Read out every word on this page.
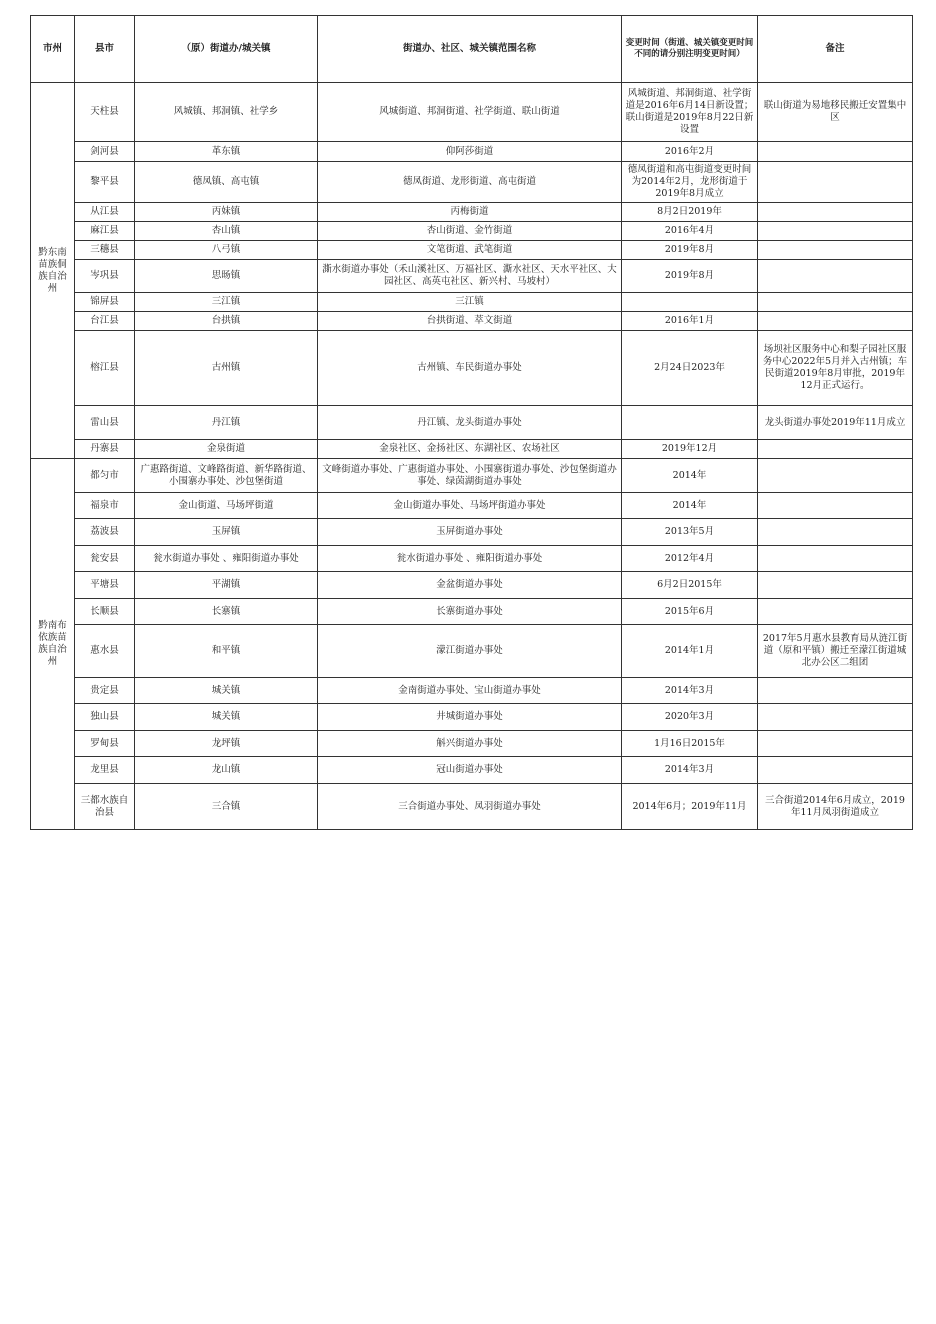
市州	县市	（原）街道办/城关镇	街道办、社区、城关镇范围名称	变更时间（街道、城关镇变更时间不同的请分别注明变更时间）	备注
黔东南苗族侗族自治州	天柱县	风城镇、邦洞镇、社学乡	风城街道、邦洞街道、社学街道、联山街道	风城街道、邦洞街道、社学街道是2016年6月14日新设置；联山街道是2019年8月22日新设置	联山街道为易地移民搬迁安置集中区
	剑河县	革东镇	仰阿莎街道	2016年2月	
	黎平县	德凤镇、高屯镇	德凤街道、龙形街道、高屯街道	德凤街道和高屯街道变更时间为2014年2月，龙形街道于2019年8月成立	
	从江县	丙妹镇	丙梅街道	8月2日2019年	
	麻江县	杏山镇	杏山街道、金竹街道	2016年4月	
	三穗县	八弓镇	文笔街道、武笔街道	2019年8月	
	岑巩县	思旸镇	澌水街道办事处（禾山溪社区、万福社区、澌水社区、天水平社区、大园社区、高英屯社区、新兴村、马坡村）	2019年8月	
	锦屏县	三江镇	三江镇		
	台江县	台拱镇	台拱街道、萃文街道	2016年1月	
	榕江县	古州镇	古州镇、车民街道办事处	2月24日2023年	场坝社区服务中心和梨子园社区服务中心2022年5月并入古州镇；车民街道2019年8月审批，2019年12月正式运行。
	雷山县	丹江镇	丹江镇、龙头街道办事处		龙头街道办事处2019年11月成立
	丹寨县	金泉街道	金泉社区、金扬社区、东湖社区、农场社区	2019年12月	
黔南布依族苗族自治州	都匀市	广惠路街道、文峰路街道、新华路街道、小围寨办事处、沙包堡街道	文峰街道办事处、广惠街道办事处、小围寨街道办事处、沙包堡街道办事处、绿茵湖街道办事处	2014年	
	福泉市	金山街道、马场坪街道	金山街道办事处、马场坪街道办事处	2014年	
	荔波县	玉屏镇	玉屏街道办事处	2013年5月	
	瓮安县	瓮水街道办事处 、雍阳街道办事处	瓮水街道办事处 、雍阳街道办事处	2012年4月	
	平塘县	平湖镇	金盆街道办事处	6月2日2015年	
	长顺县	长寨镇	长寨街道办事处	2015年6月	
	惠水县	和平镇	濛江街道办事处	2014年1月	2017年5月惠水县教育局从涟江街道（原和平镇）搬迁至濛江街道城北办公区二组团
	贵定县	城关镇	金南街道办事处、宝山街道办事处	2014年3月	
	独山县	城关镇	井城街道办事处	2020年3月	
	罗甸县	龙坪镇	斛兴街道办事处	1月16日2015年	
	龙里县	龙山镇	冠山街道办事处	2014年3月	
	三都水族自治县	三合镇	三合街道办事处、凤羽街道办事处	2014年6月；2019年11月	三合街道2014年6月成立，2019年11月凤羽街道成立
